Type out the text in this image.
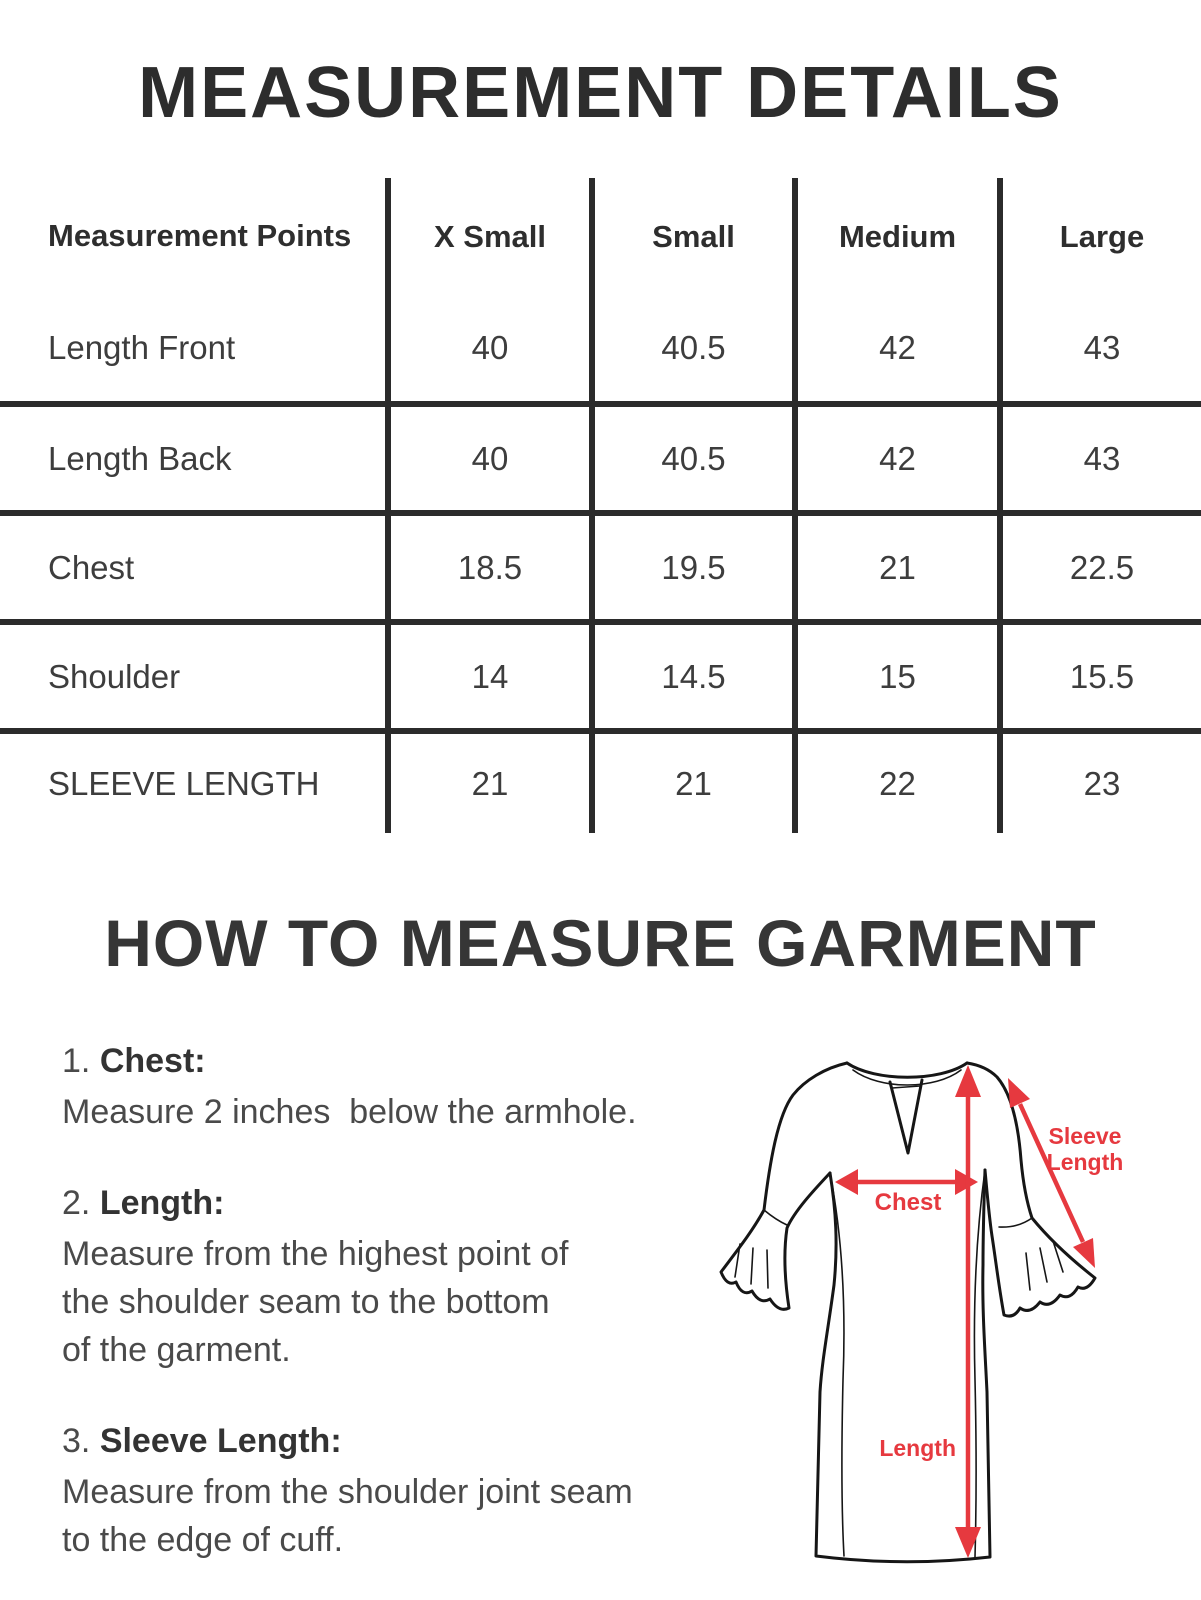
MEASUREMENT DETAILS
Measurement Points	X Small	Small	Medium	Large
Length Front	40	40.5	42	43
Length Back	40	40.5	42	43
Chest	18.5	19.5	21	22.5
Shoulder	14	14.5	15	15.5
SLEEVE LENGTH	21	21	22	23
HOW TO MEASURE GARMENT
1. Chest:
Measure 2 inches  below the armhole.
2. Length:
Measure from the highest point of
the shoulder seam to the bottom
of the garment.
3. Sleeve Length:
Measure from the shoulder joint seam
to the edge of cuff.
Chest
Length
Sleeve
Length
